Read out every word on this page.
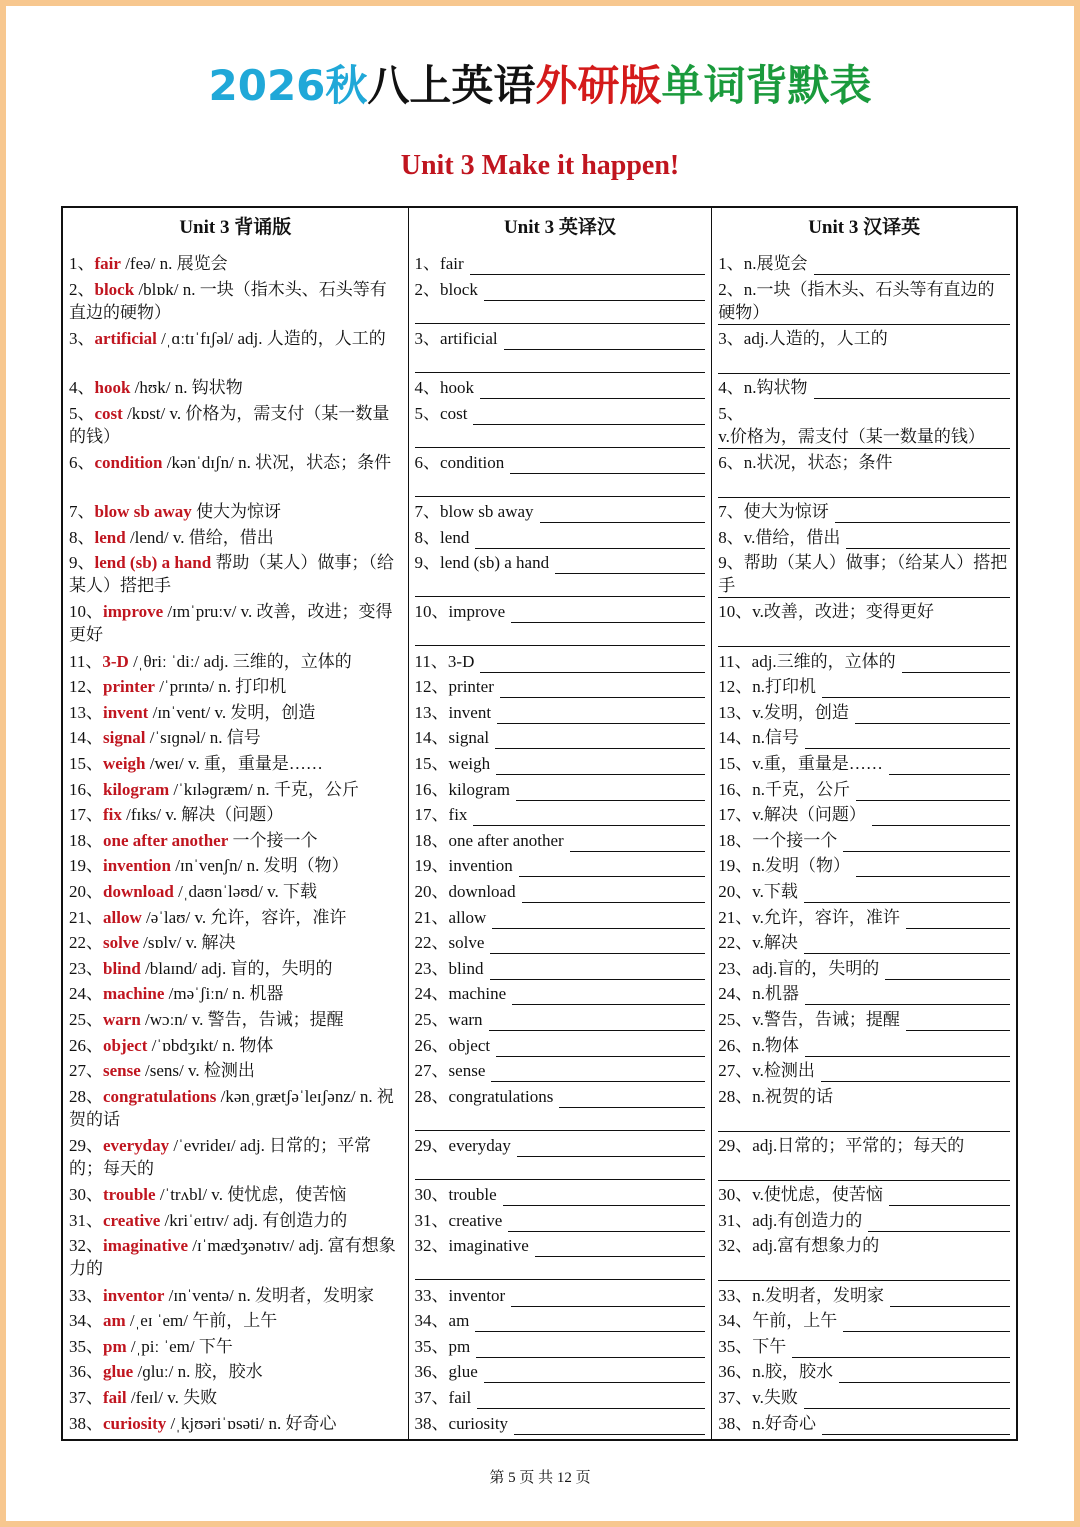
2026秋八上英语外研版单词背默表
Unit 3 Make it happen!
Unit 3 背诵版
1、fair /feə/ n. 展览会
2、block /blɒk/ n. 一块（指木头、石头等有直边的硬物）
3、artificial /ˌɑːtɪˈfɪʃəl/ adj. 人造的，人工的
4、hook /hʊk/ n. 钩状物
5、cost /kɒst/ v. 价格为，需支付（某一数量的钱）
6、condition /kənˈdɪʃn/ n. 状况，状态；条件
7、blow sb away 使大为惊讶
8、lend /lend/ v. 借给，借出
9、lend (sb) a hand 帮助（某人）做事；（给某人）搭把手
10、improve /ɪmˈpruːv/ v. 改善，改进；变得更好
11、3-D /ˌθriː ˈdiː/ adj. 三维的，立体的
12、printer /ˈprɪntə/ n. 打印机
13、invent /ɪnˈvent/ v. 发明，创造
14、signal /ˈsɪɡnəl/ n. 信号
15、weigh /weɪ/ v. 重，重量是……
16、kilogram /ˈkɪləɡræm/ n. 千克，公斤
17、fix /fɪks/ v. 解决（问题）
18、one after another 一个接一个
19、invention /ɪnˈvenʃn/ n. 发明（物）
20、download /ˌdaʊnˈləʊd/ v. 下载
21、allow /əˈlaʊ/ v. 允许，容许，准许
22、solve /sɒlv/ v. 解决
23、blind /blaɪnd/ adj. 盲的，失明的
24、machine /məˈʃiːn/ n. 机器
25、warn /wɔːn/ v. 警告，告诫；提醒
26、object /ˈɒbdʒɪkt/ n. 物体
27、sense /sens/ v. 检测出
28、congratulations /kənˌɡrætʃəˈleɪʃənz/ n. 祝贺的话
29、everyday /ˈevrideɪ/ adj. 日常的；平常的；每天的
30、trouble /ˈtrʌbl/ v. 使忧虑，使苦恼
31、creative /kriˈeɪtɪv/ adj. 有创造力的
32、imaginative /ɪˈmædʒənətɪv/ adj. 富有想象力的
33、inventor /ɪnˈventə/ n. 发明者，发明家
34、am /ˌeɪ ˈem/ 午前，上午
35、pm /ˌpiː ˈem/ 下午
36、glue /ɡluː/ n. 胶，胶水
37、fail /feɪl/ v. 失败
38、curiosity /ˌkjʊəriˈɒsəti/ n. 好奇心
Unit 3 英译汉
1、 fair
2、 block
3、 artificial
4、 hook
5、 cost
6、 condition
7、 blow sb away
8、 lend
9、 lend (sb) a hand
10、 improve
11、 3-D
12、 printer
13、 invent
14、 signal
15、 weigh
16、 kilogram
17、 fix
18、 one after another
19、 invention
20、 download
21、 allow
22、 solve
23、 blind
24、 machine
25、 warn
26、 object
27、 sense
28、 congratulations
29、 everyday
30、 trouble
31、 creative
32、 imaginative
33、 inventor
34、 am
35、 pm
36、 glue
37、 fail
38、 curiosity
Unit 3 汉译英
1、 n.展览会
2、n.一块（指木头、石头等有直边的硬物）
3、adj.人造的，人工的
4、 n.钩状物
5、v.价格为，需支付（某一数量的钱）
6、n.状况，状态；条件
7、 使大为惊讶
8、 v.借给，借出
9、帮助（某人）做事；（给某人）搭把手
10、v.改善，改进；变得更好
11、 adj.三维的，立体的
12、 n.打印机
13、 v.发明，创造
14、 n.信号
15、 v.重，重量是……
16、 n.千克，公斤
17、 v.解决（问题）
18、 一个接一个
19、 n.发明（物）
20、 v.下载
21、 v.允许，容许，准许
22、 v.解决
23、 adj.盲的，失明的
24、 n.机器
25、 v.警告，告诫；提醒
26、 n.物体
27、 v.检测出
28、n.祝贺的话
29、adj.日常的；平常的；每天的
30、 v.使忧虑，使苦恼
31、 adj.有创造力的
32、adj.富有想象力的
33、 n.发明者，发明家
34、 午前，上午
35、 下午
36、 n.胶，胶水
37、 v.失败
38、 n.好奇心
第 5 页 共 12 页
